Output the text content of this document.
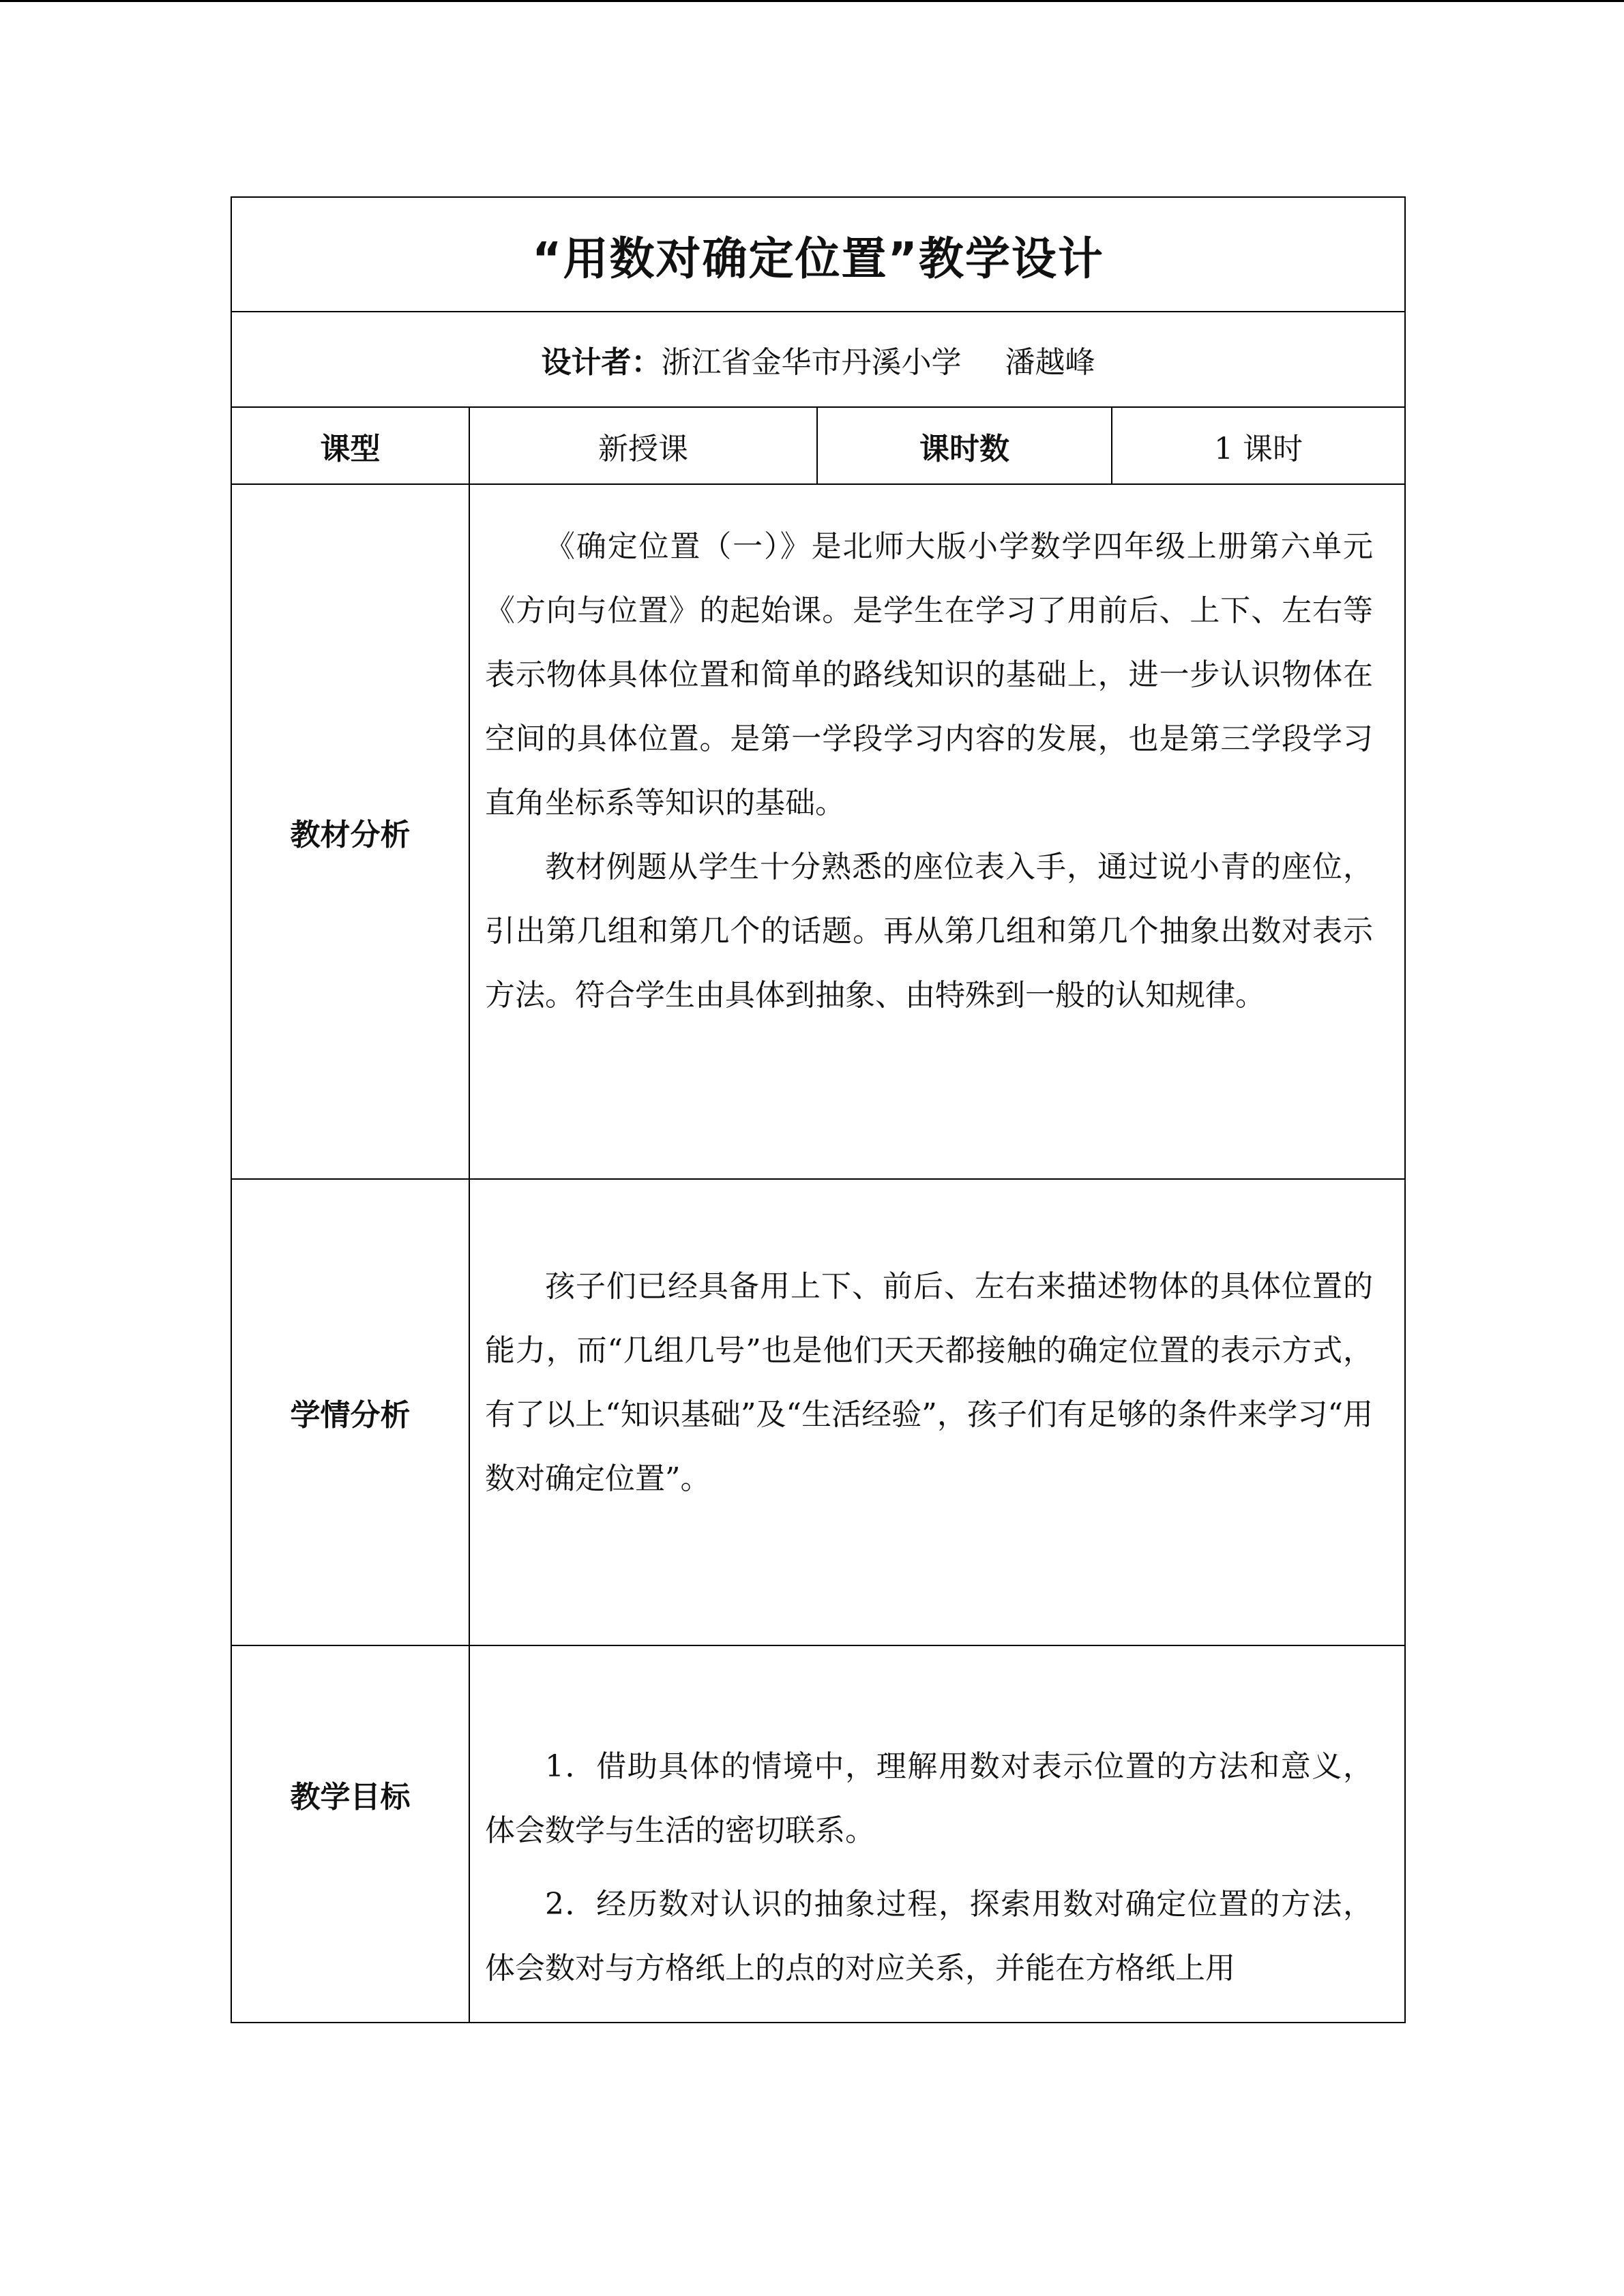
“用数对确定位置”教学设计			
设计者：浙江省金华市丹溪小学 潘越峰			
课型	新授课	课时数	1 课时
教材分析	《确定位置（一）》是北师大版小学数学四年级上册第六单元《方向与位置》的起始课。是学生在学习了用前后、上下、左右等表示物体具体位置和简单的路线知识的基础上，进一步认识物体在空间的具体位置。是第一学段学习内容的发展，也是第三学段学习直角坐标系等知识的基础。

教材例题从学生十分熟悉的座位表入手，通过说小青的座位，引出第几组和第几个的话题。再从第几组和第几个抽象出数对表示方法。符合学生由具体到抽象、由特殊到一般的认知规律。		

学情分析	孩子们已经具备用上下、前后、左右来描述物体的具体位置的能力，而“几组几号”也是他们天天都接触的确定位置的表示方式，有了以上“知识基础”及“生活经验”，孩子们有足够的条件来学习“用数对确定位置”。		

教学目标	1．借助具体的情境中，理解用数对表示位置的方法和意义，体会数学与生活的密切联系。

2．经历数对认识的抽象过程，探索用数对确定位置的方法，体会数对与方格纸上的点的对应关系，并能在方格纸上用		
